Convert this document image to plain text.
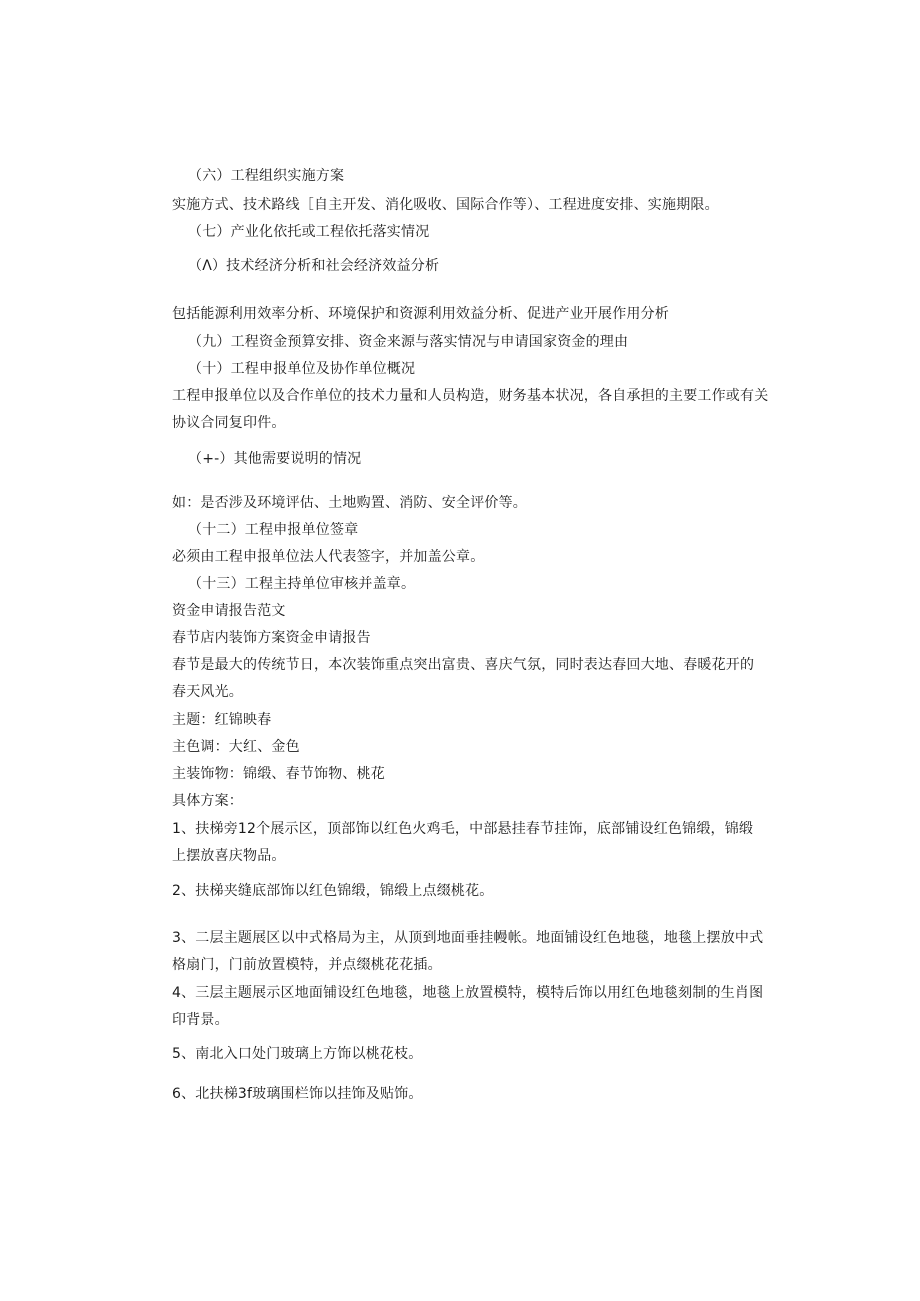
（六）工程组织实施方案
实施方式、技术路线［自主开发、消化吸收、国际合作等）、工程进度安排、实施期限。
（七）产业化依托或工程依托落实情况
（Λ）技术经济分析和社会经济效益分析
包括能源利用效率分析、环境保护和资源利用效益分析、促进产业开展作用分析
（九）工程资金预算安排、资金来源与落实情况与申请国家资金的理由
（十）工程申报单位及协作单位概况
工程申报单位以及合作单位的技术力量和人员构造，财务基本状况，各自承担的主要工作或有关
协议合同复印件。
（+-）其他需要说明的情况
如：是否涉及环境评估、土地购置、消防、安全评价等。
（十二）工程申报单位签章
必须由工程申报单位法人代表签字，并加盖公章。
（十三）工程主持单位审核并盖章。
资金申请报告范文
春节店内装饰方案资金申请报告
春节是最大的传统节日，本次装饰重点突出富贵、喜庆气氛，同时表达春回大地、春暖花开的
春天风光。
主题：红锦映春
主色调：大红、金色
主装饰物：锦缎、春节饰物、桃花
具体方案：
1、扶梯旁12个展示区，顶部饰以红色火鸡毛，中部悬挂春节挂饰，底部铺设红色锦缎，锦缎
上摆放喜庆物品。
2、扶梯夹缝底部饰以红色锦缎，锦缎上点缀桃花。
3、二层主题展区以中式格局为主，从顶到地面垂挂幔帐。地面铺设红色地毯，地毯上摆放中式
格扇门，门前放置模特，并点缀桃花花插。
4、三层主题展示区地面铺设红色地毯，地毯上放置模特，模特后饰以用红色地毯刻制的生肖图
印背景。
5、南北入口处门玻璃上方饰以桃花枝。
6、北扶梯3f玻璃围栏饰以挂饰及贴饰。
